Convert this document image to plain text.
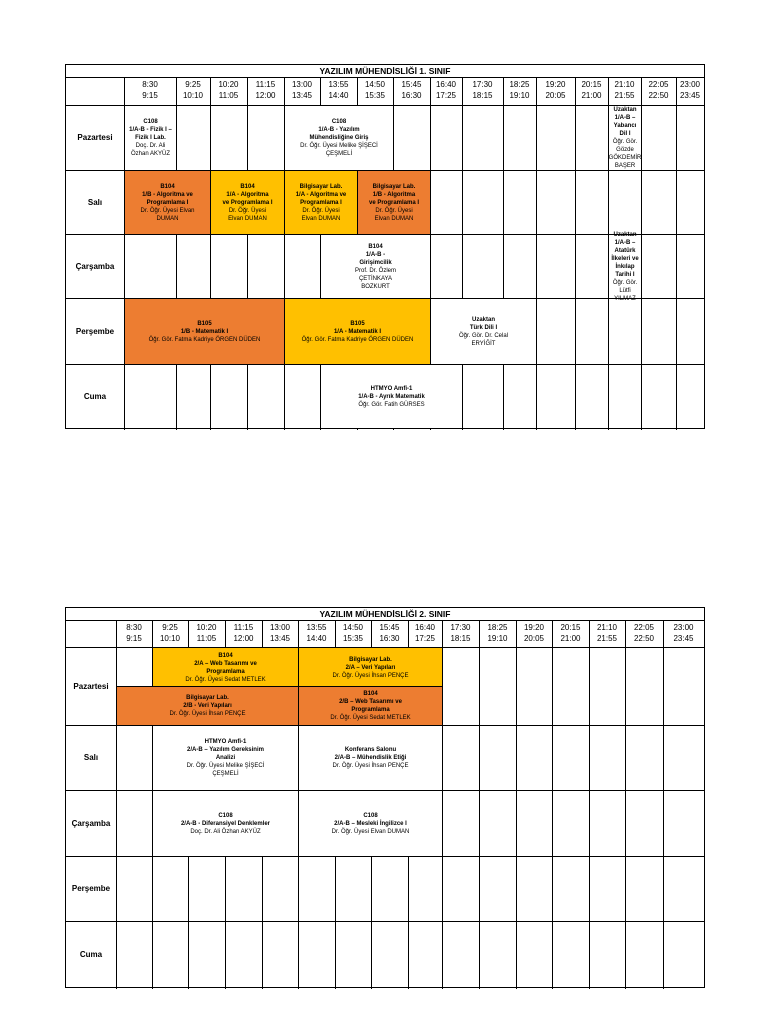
YAZILIM MÜHENDİSLİĞİ 1. SINIF
8:30
9:15
9:25
10:10
10:20
11:05
11:15
12:00
13:00
13:45
13:55
14:40
14:50
15:35
15:45
16:30
16:40
17:25
17:30
18:15
18:25
19:10
19:20
20:05
20:15
21:00
21:10
21:55
22:05
22:50
23:00
23:45
Pazartesi
Salı
Çarşamba
Perşembe
Cuma
C108
1/A-B - Fizik I – Fizik I Lab.
Doç. Dr. Ali Özhan AKYÜZ
C108
1/A-B - Yazılım
Mühendisliğine Giriş
Dr. Öğr. Üyesi Melike ŞİŞECİ
ÇEŞMELİ
Uzaktan
1/A-B – Yabancı
Dil I
Öğr. Gör. Gözde
GÖKDEMİR BAŞER
B104
1/B - Algoritma ve
Programlama I
Dr. Öğr. Üyesi Elvan
DUMAN
B104
1/A - Algoritma
ve Programlama I
Dr. Öğr. Üyesi
Elvan DUMAN
Bilgisayar Lab.
1/A - Algoritma ve
Programlama I
Dr. Öğr. Üyesi
Elvan DUMAN
Bilgisayar Lab.
1/B - Algoritma
ve Programlama I
Dr. Öğr. Üyesi
Elvan DUMAN
B104
1/A-B -
Girişimcilik
Prof. Dr. Özlem
ÇETİNKAYA
BOZKURT
Uzaktan
1/A-B – Atatürk
İlkeleri ve İnkılap
Tarihi I
Öğr. Gör. Lütfi
YILMAZ
B105
1/B - Matematik I
Öğr. Gör. Fatma Kadriye ÖRGEN DÜDEN
B105
1/A - Matematik I
Öğr. Gör. Fatma Kadriye ÖRGEN DÜDEN
Uzaktan
Türk Dili I
Öğr. Gör. Dr. Celal
ERYİĞİT
HTMYO Amfi-1
1/A-B - Ayrık Matematik
Öğr. Gör. Fatih GÜRSES
YAZILIM MÜHENDİSLİĞİ 2. SINIF
8:30
9:15
9:25
10:10
10:20
11:05
11:15
12:00
13:00
13:45
13:55
14:40
14:50
15:35
15:45
16:30
16:40
17:25
17:30
18:15
18:25
19:10
19:20
20:05
20:15
21:00
21:10
21:55
22:05
22:50
23:00
23:45
Pazartesi
Salı
Çarşamba
Perşembe
Cuma
B104
2/A – Web Tasarımı ve
Programlama
Dr. Öğr. Üyesi Sedat METLEK
Bilgisayar Lab.
2/A – Veri Yapıları
Dr. Öğr. Üyesi İhsan PENÇE
Bilgisayar Lab.
2/B - Veri Yapıları
Dr. Öğr. Üyesi İhsan PENÇE
B104
2/B – Web Tasarımı ve
Programlama
Dr. Öğr. Üyesi Sedat METLEK
HTMYO Amfi-1
2/A-B – Yazılım Gereksinim
Analizi
Dr. Öğr. Üyesi Melike ŞİŞECİ
ÇEŞMELİ
Konferans Salonu
2/A-B – Mühendislik Etiği
Dr. Öğr. Üyesi İhsan PENÇE
C108
2/A-B - Diferansiyel Denklemler
Doç. Dr. Ali Özhan AKYÜZ
C108
2/A-B – Mesleki İngilizce I
Dr. Öğr. Üyesi Elvan DUMAN
